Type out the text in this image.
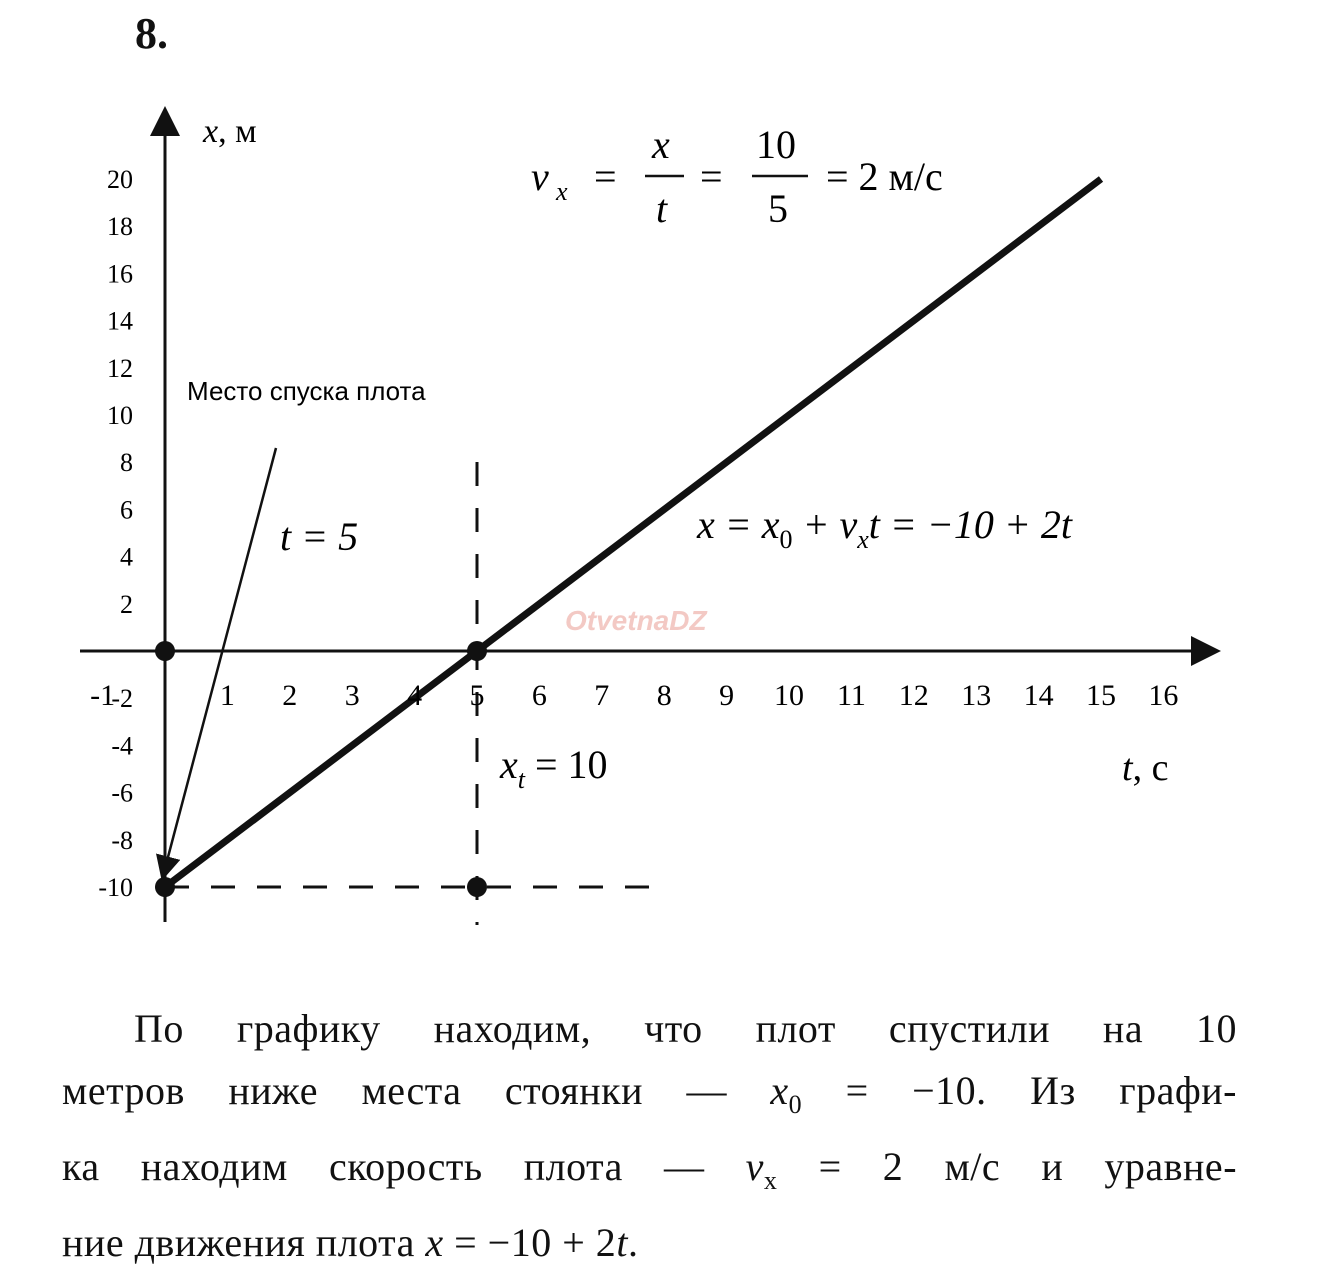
8.
-1	1 2 3 4 5 6 7 8 9 10 11 12 13 14 15 16
20
18
16
14
12
10
8
6
4
2
-2
-4
-6
-8
-10
x, м
t, с
Место спуска плота
t = 5
$x_t = 10$
v x =
x
t
=
10
5
= 2 м/с
$x = x_0 + v_xt = -10 + 2t$
OtvetnaDZ
По графику находим, что плот спустили на 10
метров ниже места стоянки — $x_0 = -10$. Из графи-
ка находим скорость плота — $v_x = 2$ м/с и уравне-
ние движения плота x = −10 + 2t.
